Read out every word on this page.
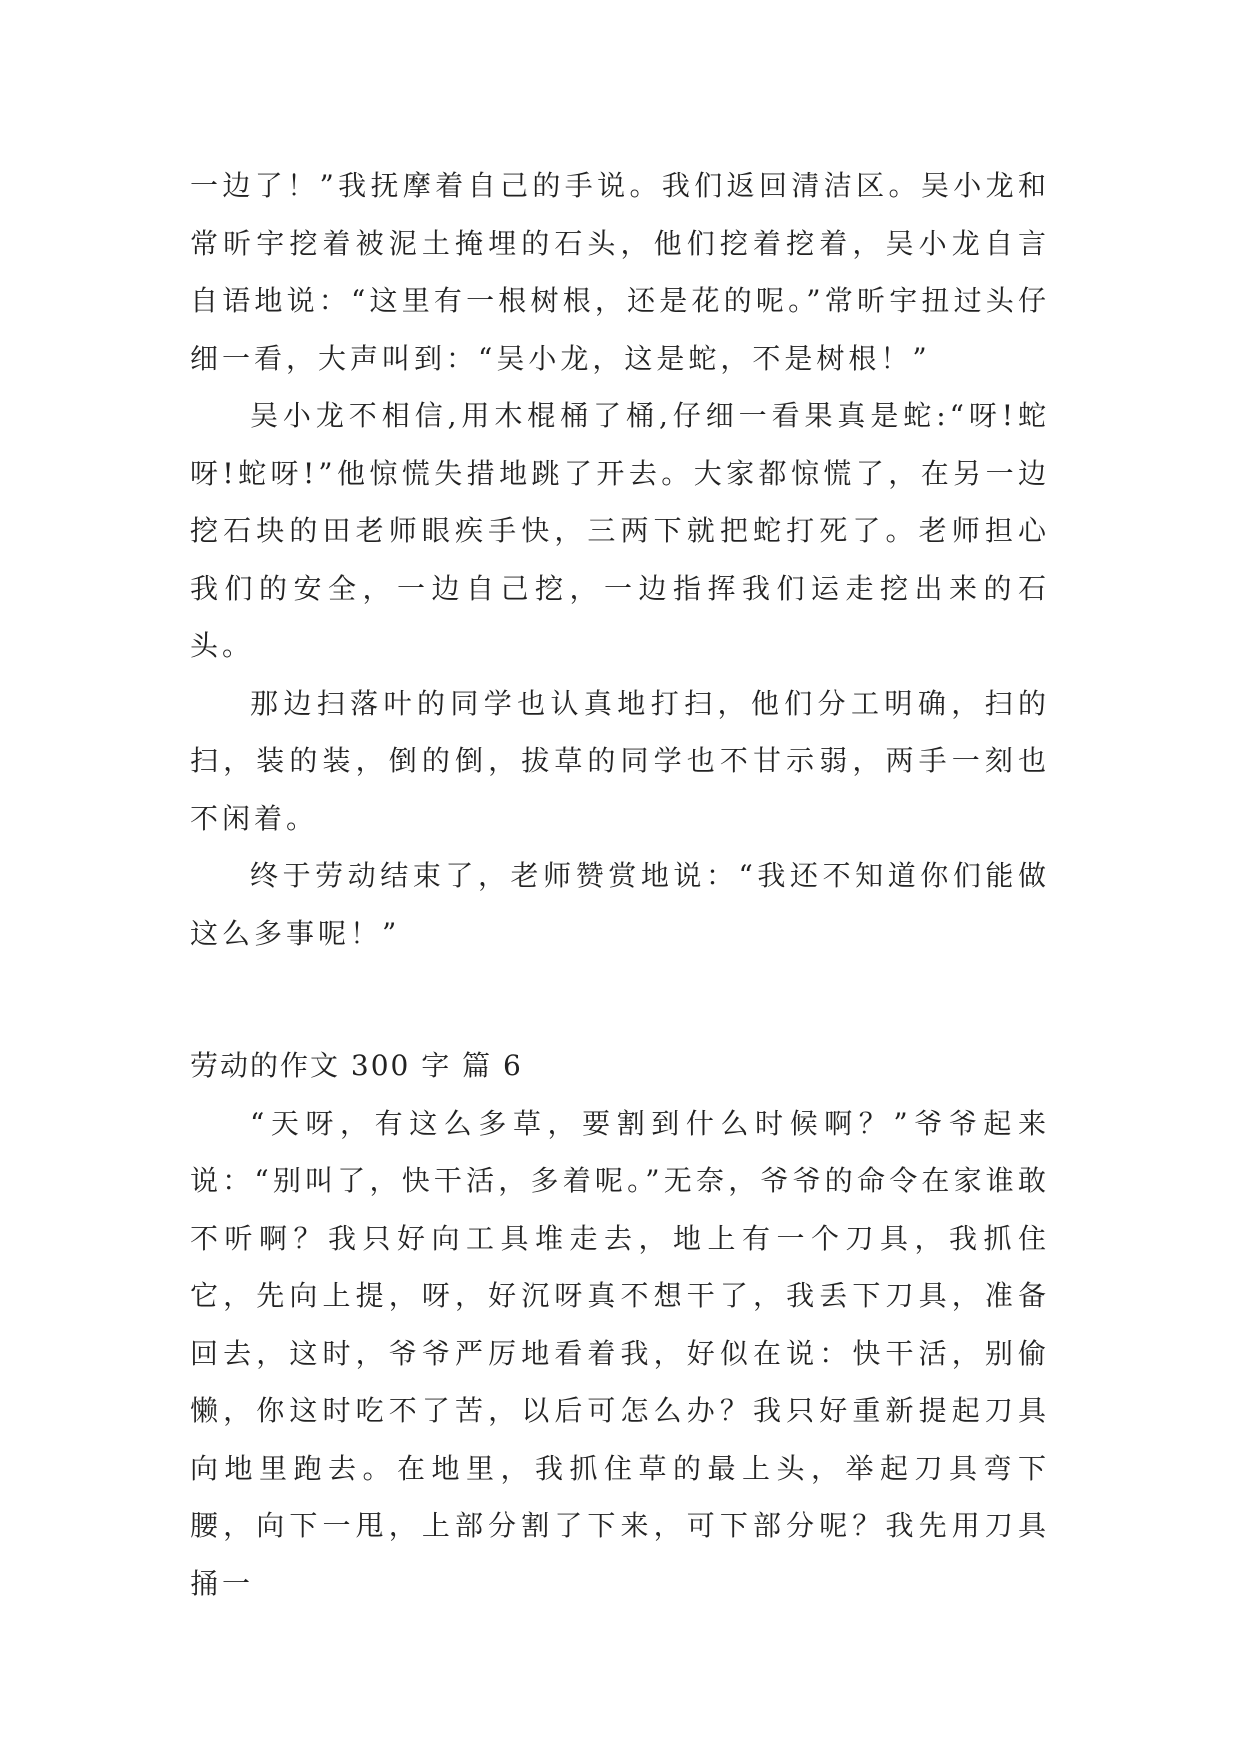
一边了！”我抚摩着自己的手说。我们返回清洁区。吴小龙和常昕宇挖着被泥土掩埋的石头，他们挖着挖着，吴小龙自言自语地说：“这里有一根树根，还是花的呢。”常昕宇扭过头仔细一看，大声叫到：“吴小龙，这是蛇，不是树根！”

吴小龙不相信,用木棍桶了桶,仔细一看果真是蛇:“呀!蛇呀!蛇呀!”他惊慌失措地跳了开去。大家都惊慌了，在另一边挖石块的田老师眼疾手快，三两下就把蛇打死了。老师担心我们的安全，一边自己挖，一边指挥我们运走挖出来的石头。

那边扫落叶的同学也认真地打扫，他们分工明确，扫的扫，装的装，倒的倒，拔草的同学也不甘示弱，两手一刻也不闲着。

终于劳动结束了，老师赞赏地说：“我还不知道你们能做这么多事呢！”

劳动的作文 300 字 篇 6

“天呀，有这么多草，要割到什么时候啊？”爷爷起来说：“别叫了，快干活，多着呢。”无奈，爷爷的命令在家谁敢不听啊？我只好向工具堆走去，地上有一个刀具，我抓住它，先向上提，呀，好沉呀真不想干了，我丢下刀具，准备回去，这时，爷爷严厉地看着我，好似在说：快干活，别偷懒，你这时吃不了苦，以后可怎么办？我只好重新提起刀具向地里跑去。在地里，我抓住草的最上头，举起刀具弯下腰，向下一甩，上部分割了下来，可下部分呢？我先用刀具捅一
